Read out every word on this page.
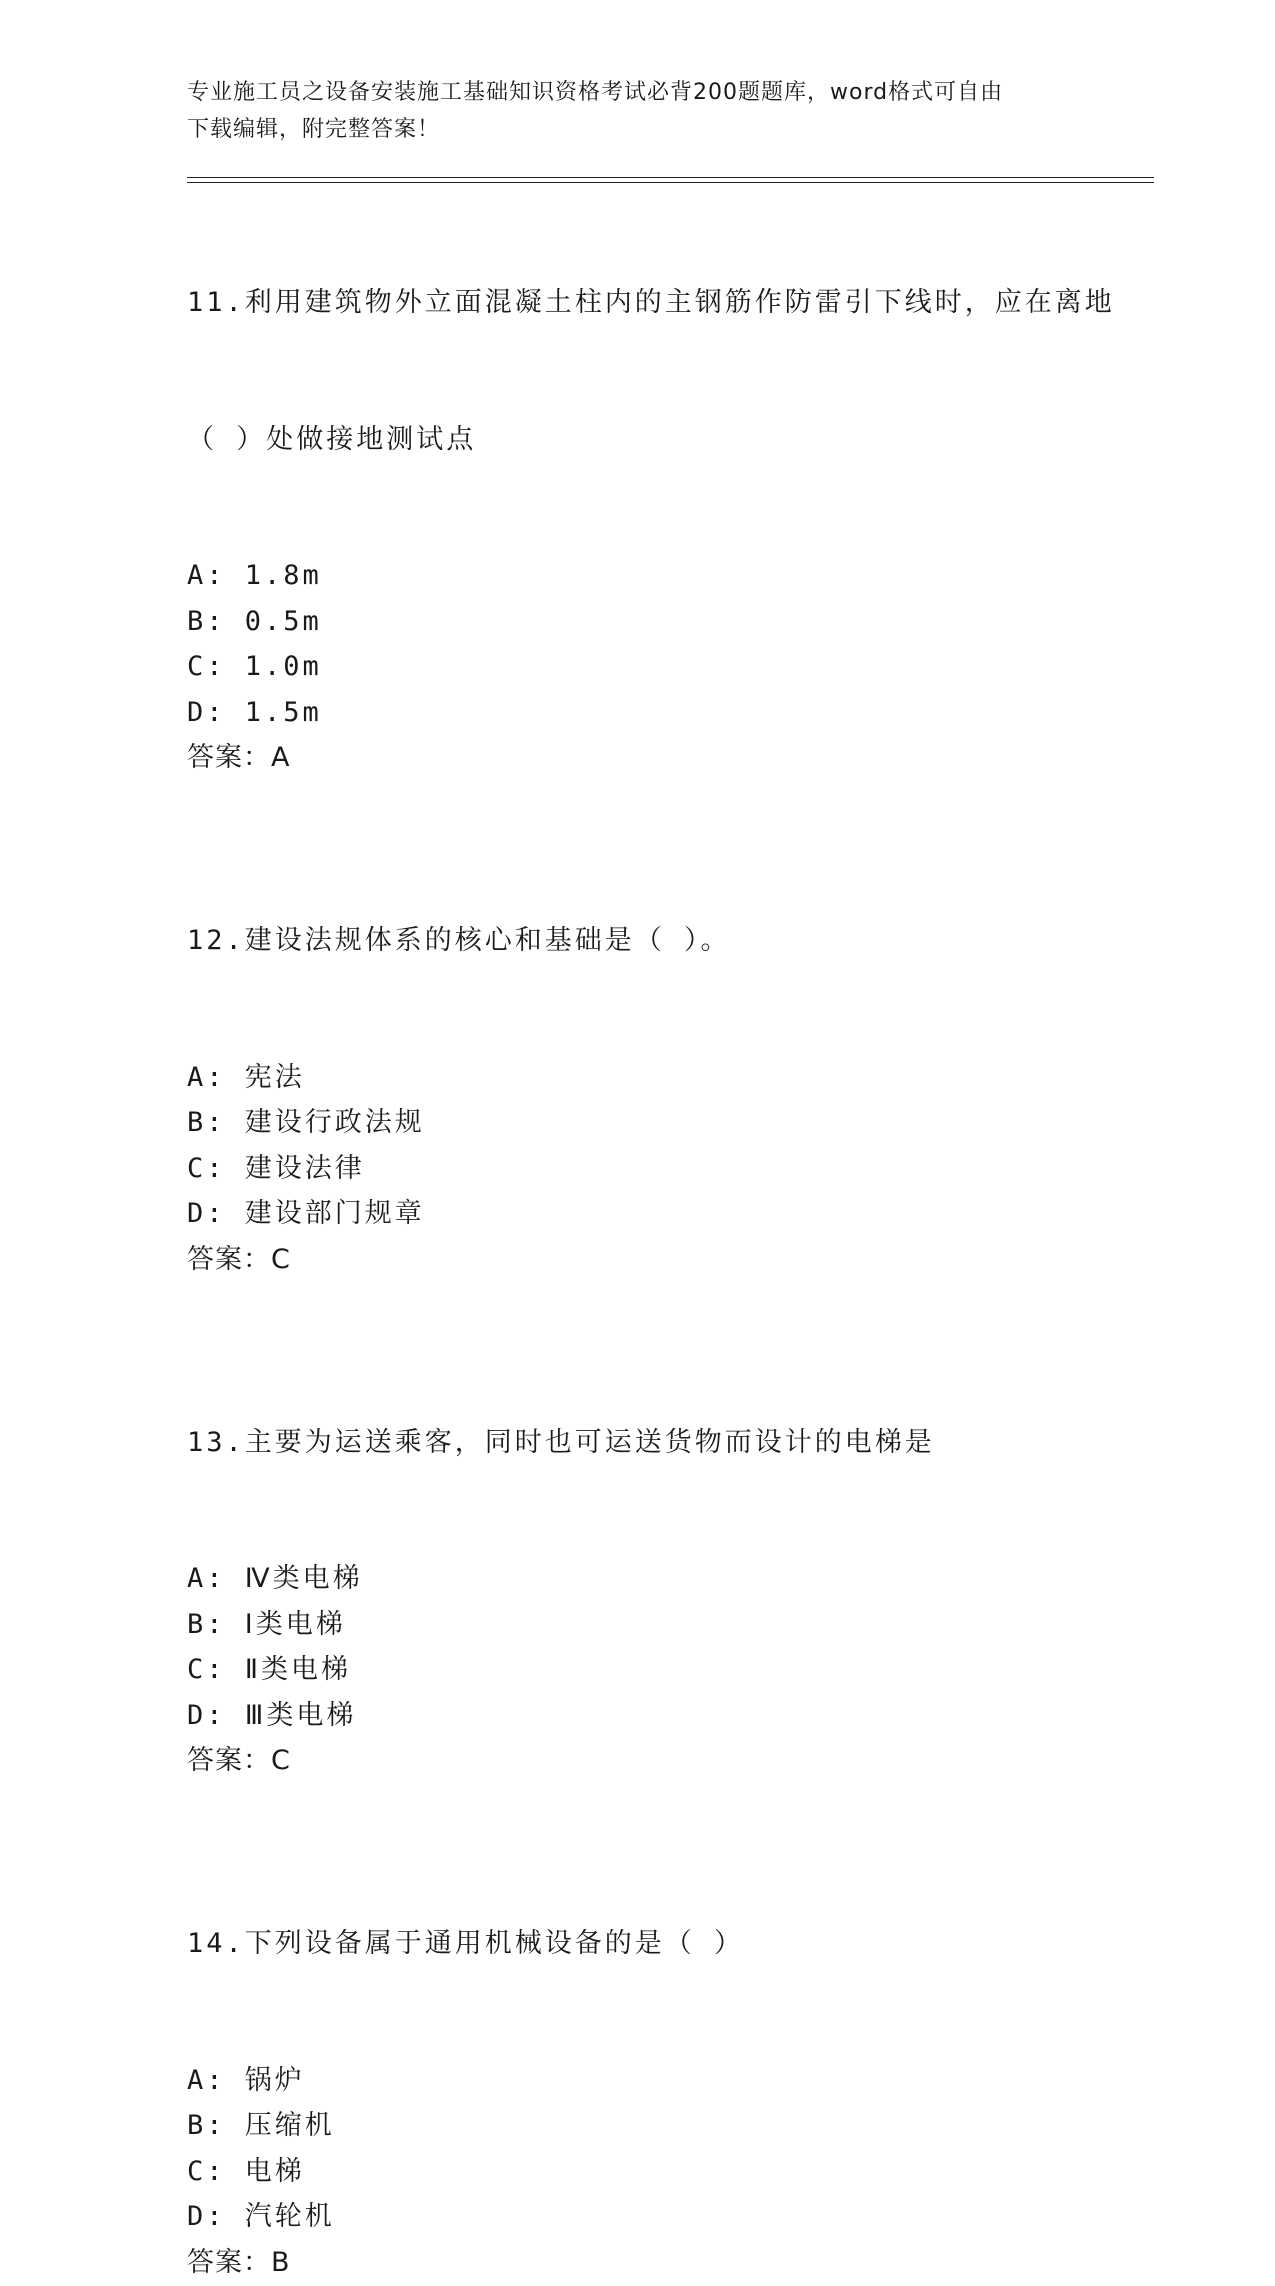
专业施工员之设备安装施工基础知识资格考试必背200题题库，word格式可自由
下载编辑，附完整答案！

11.利用建筑物外立面混凝土柱内的主钢筋作防雷引下线时，应在离地

（ ）处做接地测试点

A: 1.8m
B: 0.5m
C: 1.0m
D: 1.5m
答案：A

12.建设法规体系的核心和基础是（ ）。

A: 宪法
B: 建设行政法规
C: 建设法律
D: 建设部门规章
答案：C

13.主要为运送乘客，同时也可运送货物而设计的电梯是

A: Ⅳ类电梯
B: Ⅰ类电梯
C: Ⅱ类电梯
D: Ⅲ类电梯
答案：C

14.下列设备属于通用机械设备的是（ ）

A: 锅炉
B: 压缩机
C: 电梯
D: 汽轮机
答案：B
